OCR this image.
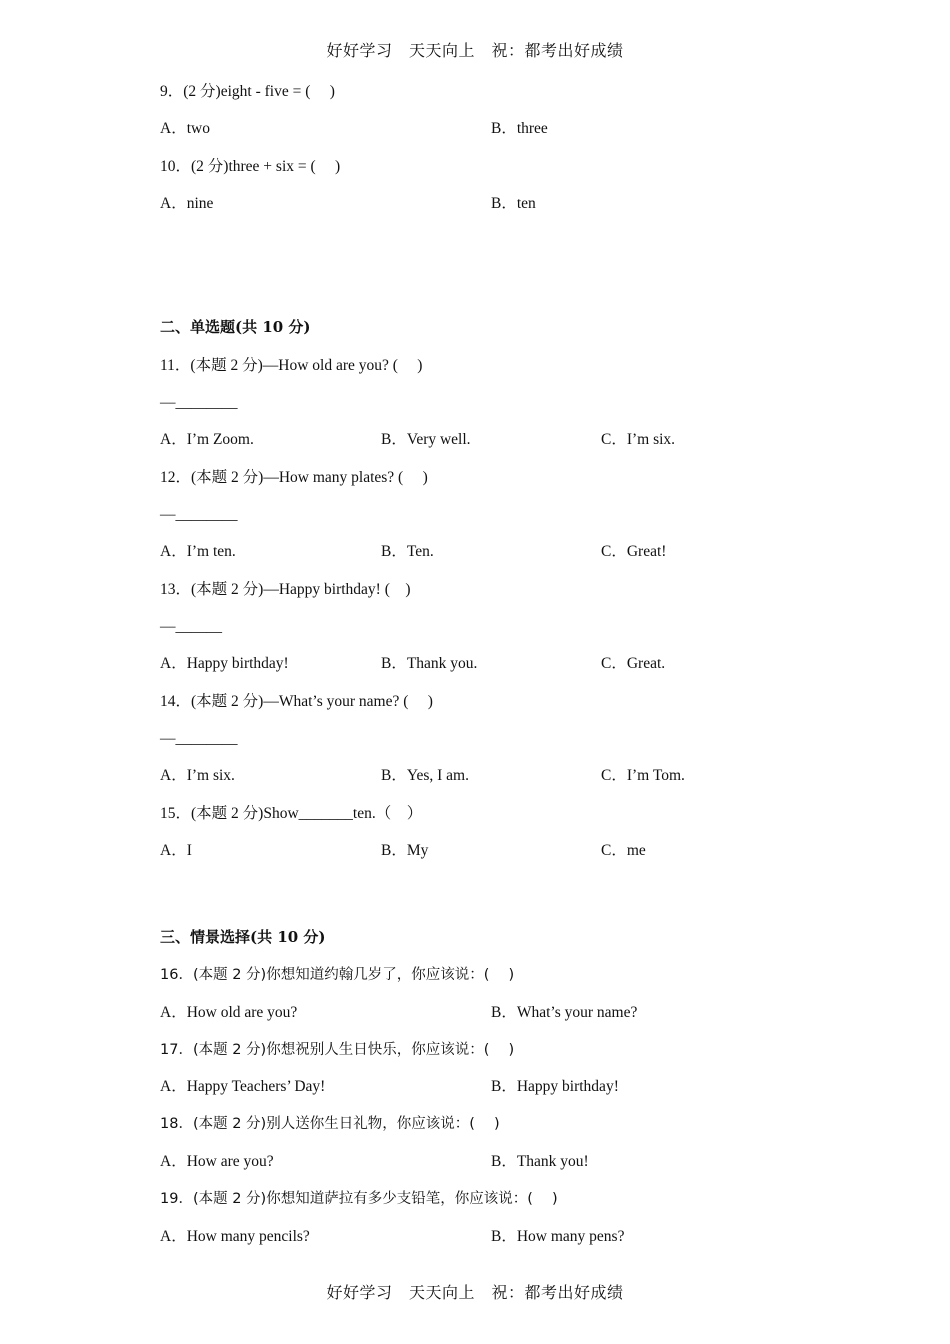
好好学习　天天向上　祝：都考出好成绩
9．(2 分)eight - five = (　 )
A．two	B．three
10．(2 分)three + six = (　 )
A．nine	B．ten
二、单选题(共 10 分)
11．(本题 2 分)—How old are you? (　 )
—________
A．I’m Zoom.	B．Very well.	C．I’m six.
12．(本题 2 分)—How many plates? (　 )
—________
A．I’m ten.	B．Ten.	C．Great!
13．(本题 2 分)—Happy birthday! (　)
—______
A．Happy birthday!	B．Thank you.	C．Great.
14．(本题 2 分)—What’s your name? (　 )
—________
A．I’m six.	B．Yes, I am.	C．I’m Tom.
15．(本题 2 分)Show_______ten.（　）
A．I	B．My	C．me
三、情景选择(共 10 分)
16．(本题 2 分)你想知道约翰几岁了，你应该说：(　 )
A．How old are you?	B．What’s your name?
17．(本题 2 分)你想祝别人生日快乐，你应该说：(　 )
A．Happy Teachers’ Day!	B．Happy birthday!
18．(本题 2 分)别人送你生日礼物，你应该说：(　 )
A．How are you?	B．Thank you!
19．(本题 2 分)你想知道萨拉有多少支铅笔，你应该说：(　 )
A．How many pencils?	B．How many pens?
好好学习　天天向上　祝：都考出好成绩
